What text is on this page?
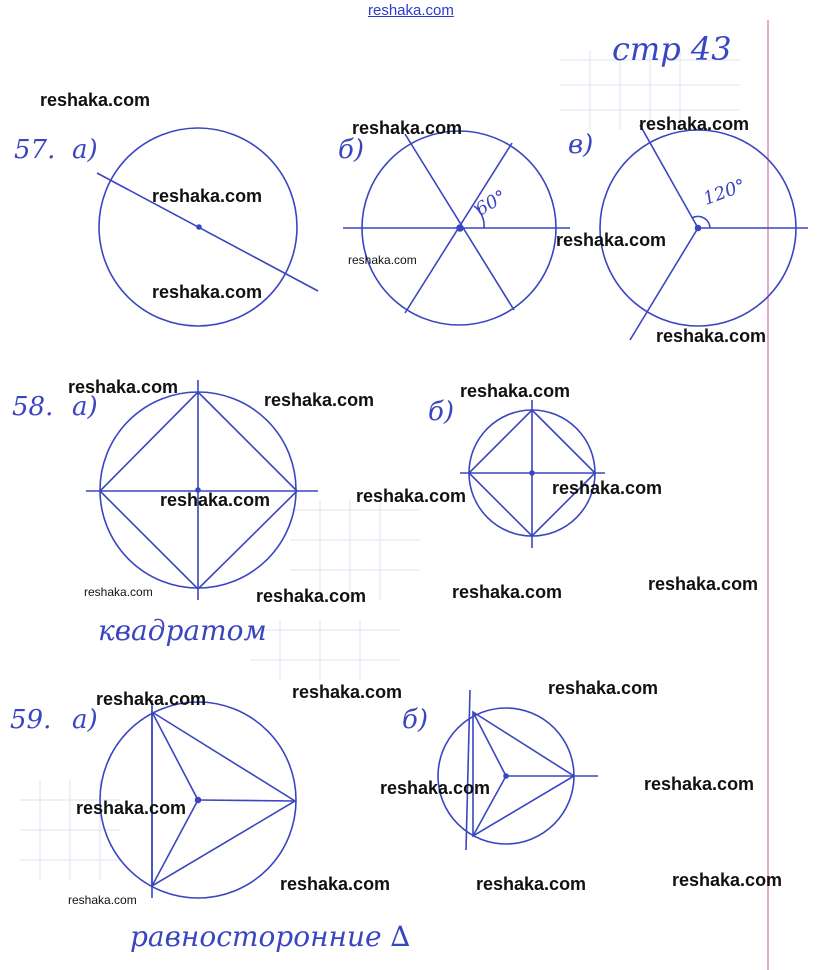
стр 43
57. а)	б)	в)
60°	120°
58. а)	б)
квадратом
59. а)	б)
равносторонние ∆
reshaka.com
reshaka.com
reshaka.com	reshaka.com
reshaka.com
reshaka.com
reshaka.com
reshaka.com
reshaka.com
reshaka.com	reshaka.com
reshaka.com
reshaka.com
reshaka.com
reshaka.com
reshaka.com
reshaka.com
reshaka.com	reshaka.com
reshaka.com
reshaka.com
reshaka.com
reshaka.com
reshaka.com
reshaka.com
reshaka.com
reshaka.com	reshaka.com
reshaka.com
